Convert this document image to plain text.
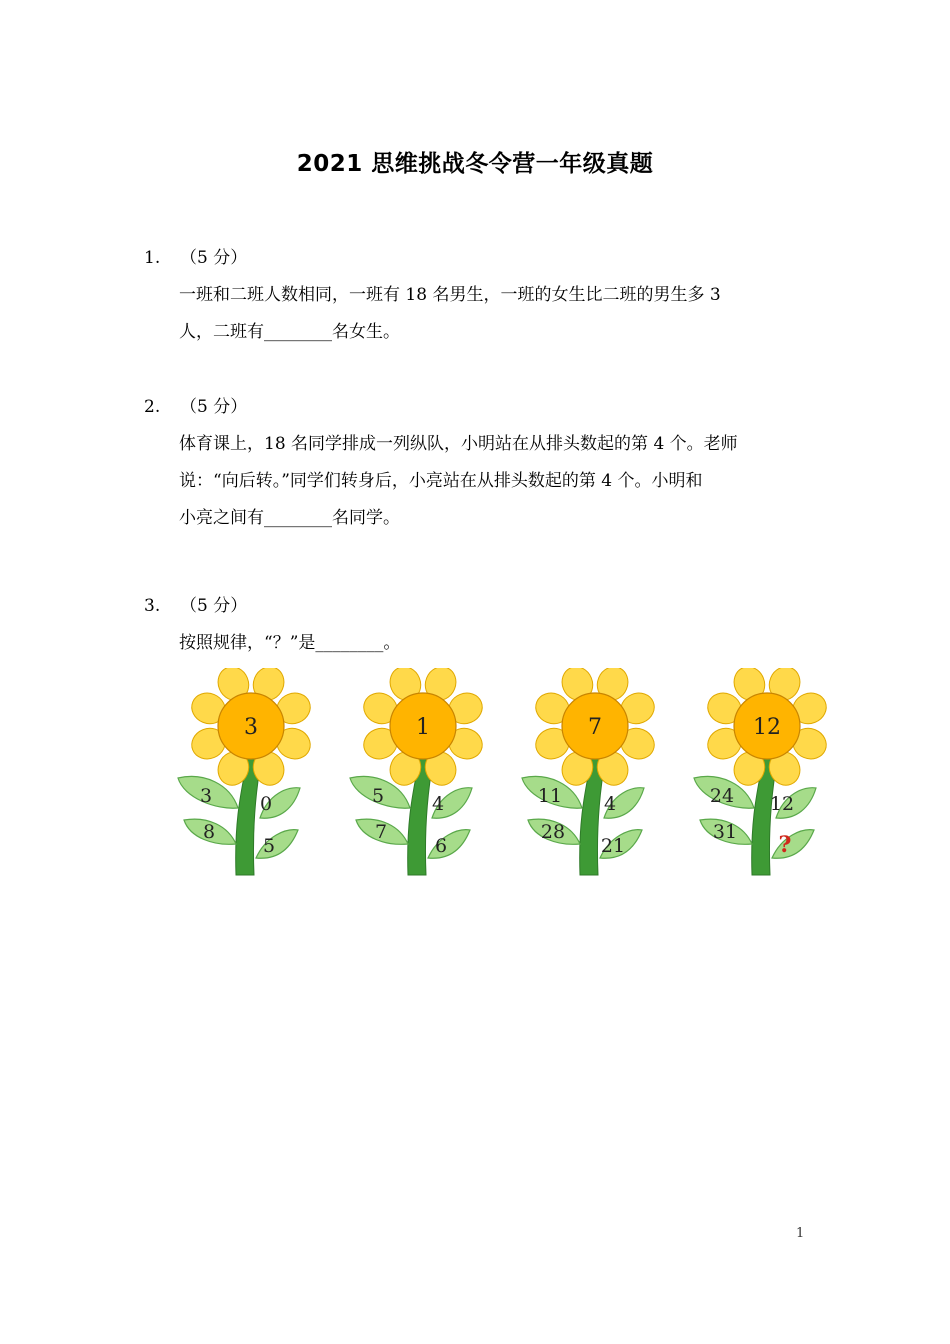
2021 思维挑战冬令营一年级真题
1.	（5 分）
一班和二班人数相同，一班有 18 名男生，一班的女生比二班的男生多 3
人，二班有________名女生。
2.	（5 分）
体育课上，18 名同学排成一列纵队，小明站在从排头数起的第 4 个。老师
说：“向后转。”同学们转身后，小亮站在从排头数起的第 4 个。小明和
小亮之间有________名同学。
3.	（5 分）
按照规律，“？”是________。
3	0
8
5
3
5	4
7
6
1
11 4
28
21
7
24 12
31 ?
12
1
